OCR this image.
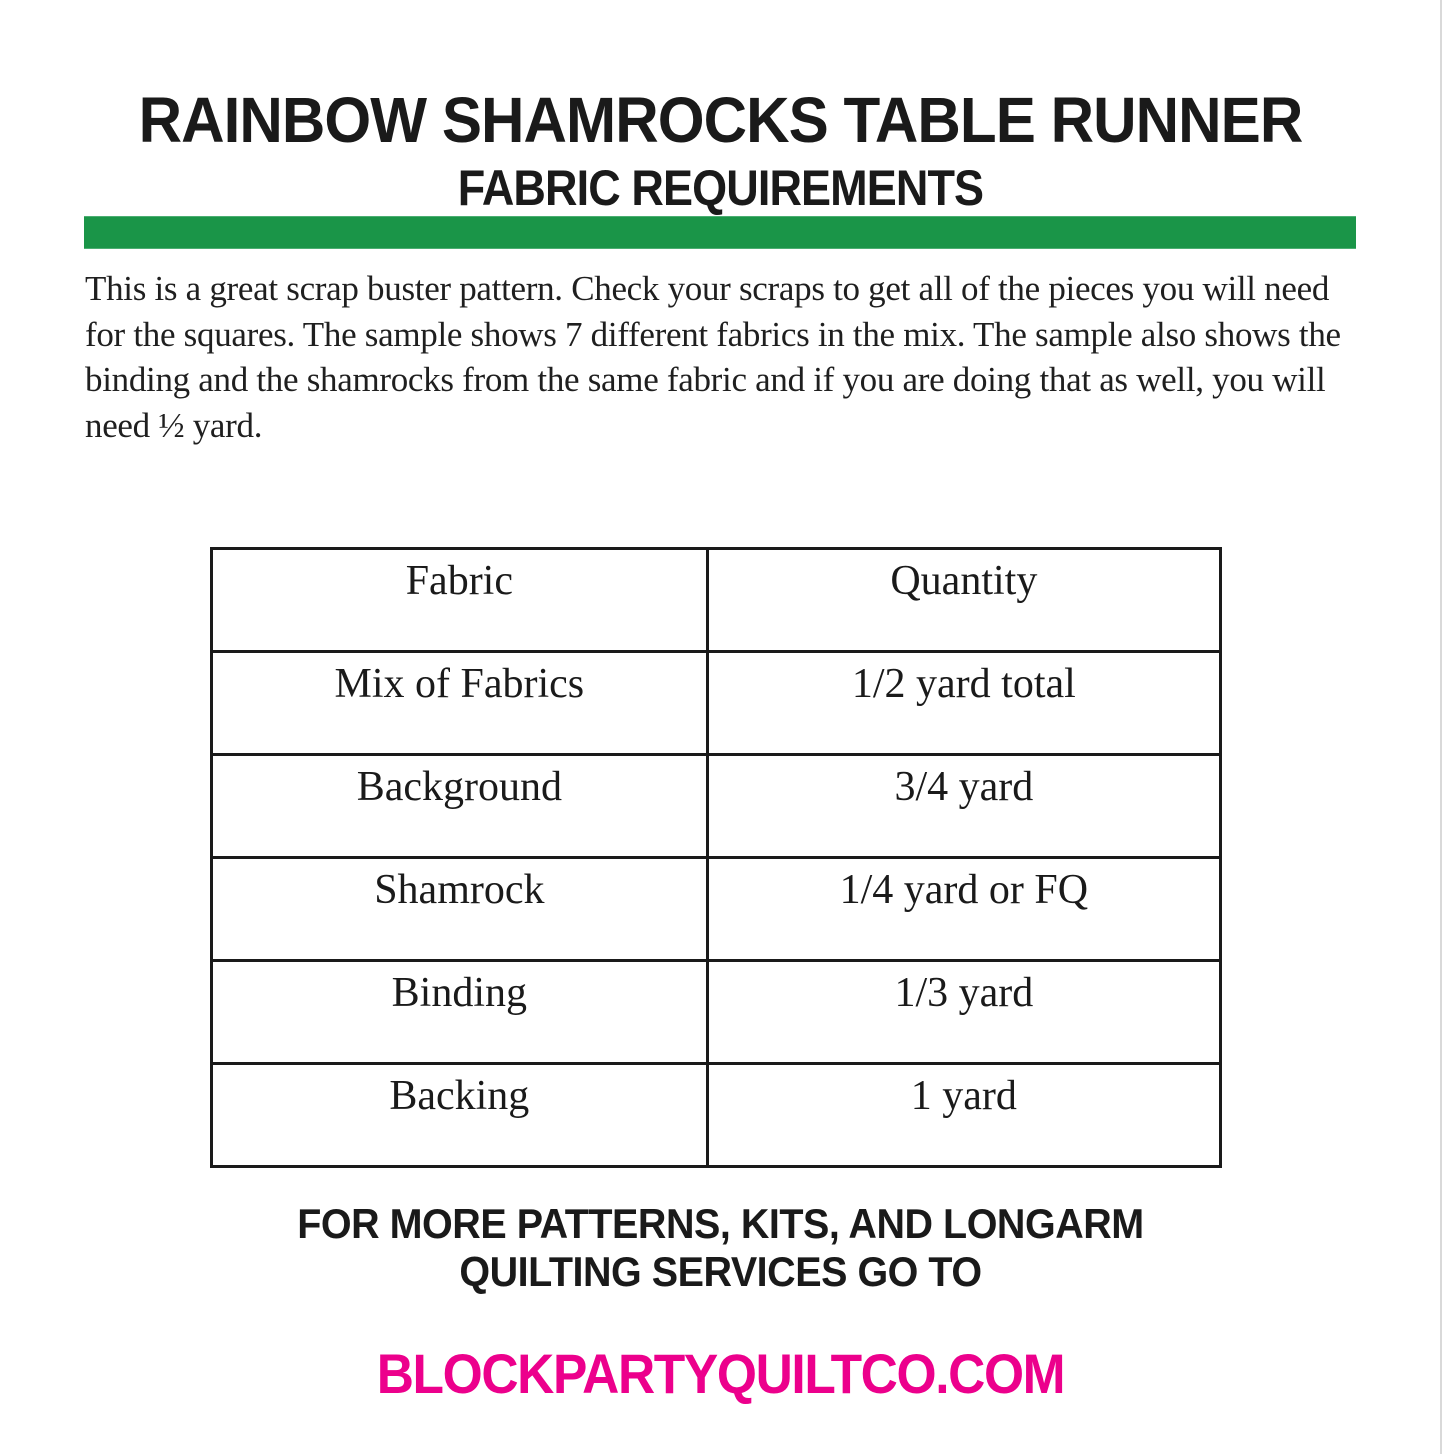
RAINBOW SHAMROCKS TABLE RUNNER
FABRIC REQUIREMENTS

This is a great scrap buster pattern. Check your scraps to get all of the pieces you will need for the squares. The sample shows 7 different fabrics in the mix. The sample also shows the binding and the shamrocks from the same fabric and if you are doing that as well, you will need ½ yard.

Fabric	Quantity
Mix of Fabrics	1/2 yard total
Background	3/4 yard
Shamrock	1/4 yard or FQ
Binding	1/3 yard
Backing	1 yard
FOR MORE PATTERNS, KITS, AND LONGARM
QUILTING SERVICES GO TO
BLOCKPARTYQUILTCO.COM
